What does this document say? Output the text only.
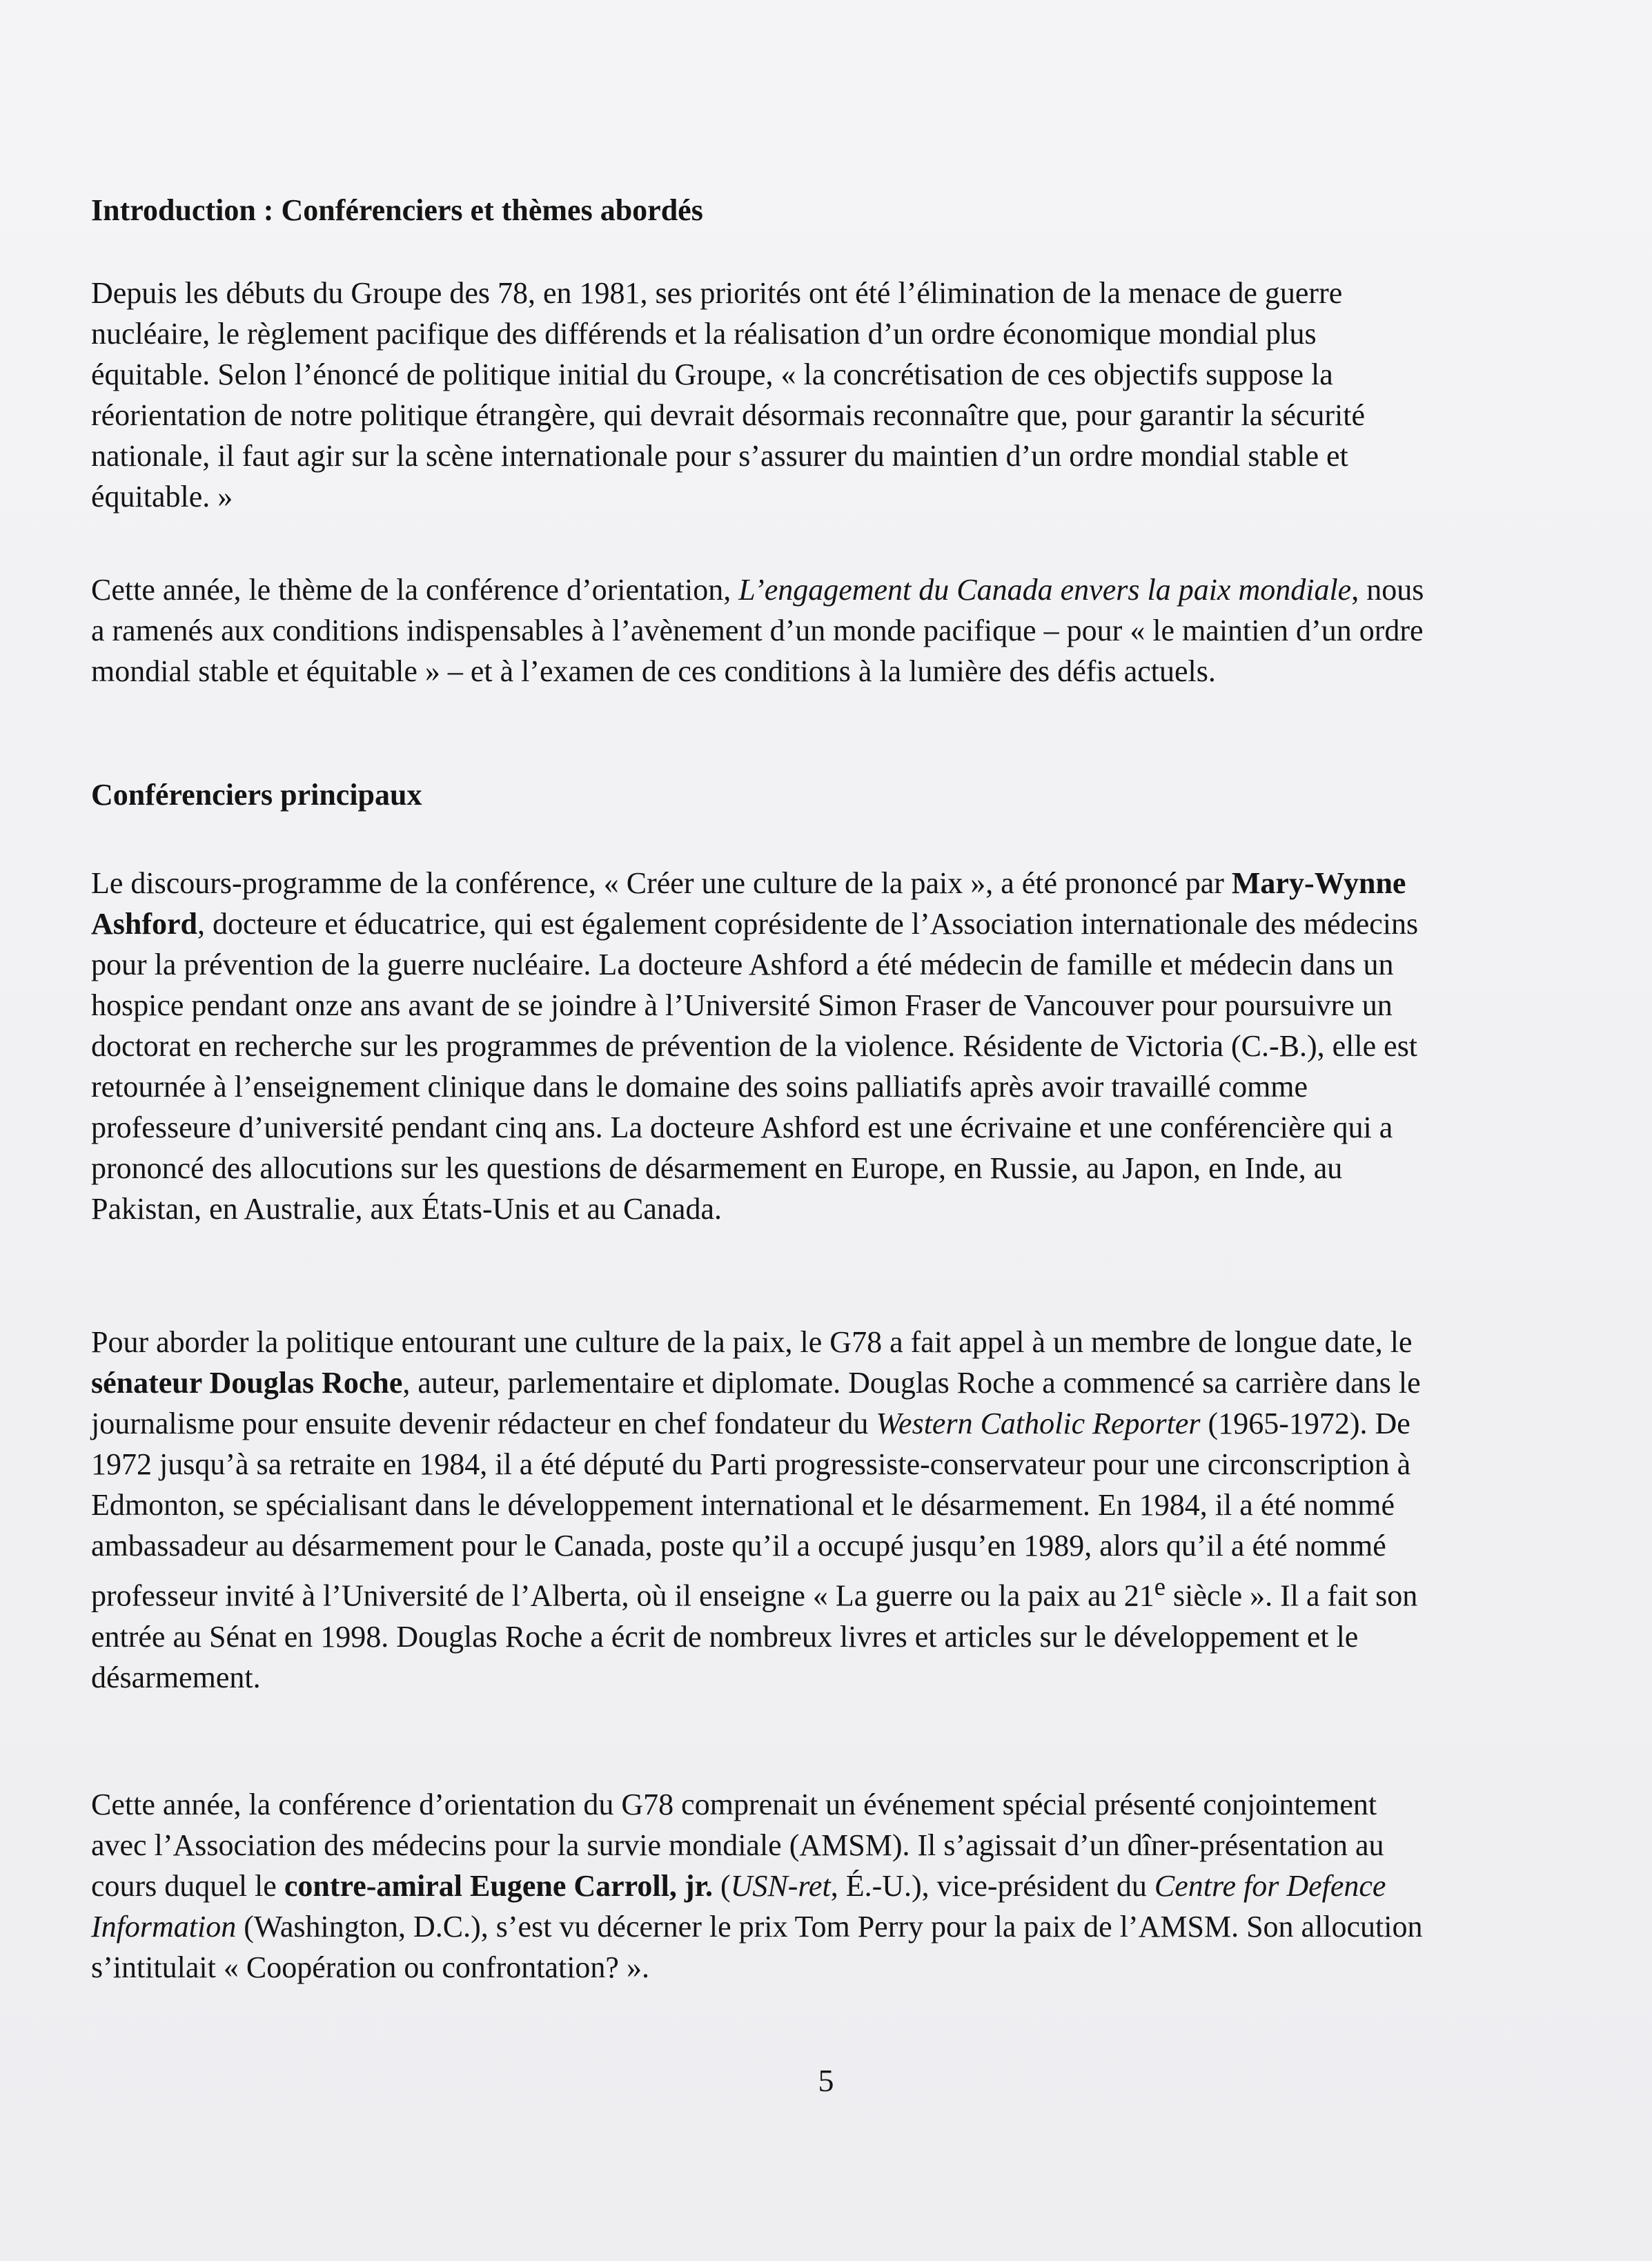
Introduction : Conférenciers et thèmes abordés

Depuis les débuts du Groupe des 78, en 1981, ses priorités ont été l’élimination de la menace de guerre nucléaire, le règlement pacifique des différends et la réalisation d’un ordre économique mondial plus équitable. Selon l’énoncé de politique initial du Groupe, « la concrétisation de ces objectifs suppose la réorientation de notre politique étrangère, qui devrait désormais reconnaître que, pour garantir la sécurité nationale, il faut agir sur la scène internationale pour s’assurer du maintien d’un ordre mondial stable et équitable. »

Cette année, le thème de la conférence d’orientation, L’engagement du Canada envers la paix mondiale, nous a ramenés aux conditions indispensables à l’avènement d’un monde pacifique – pour « le maintien d’un ordre mondial stable et équitable » – et à l’examen de ces conditions à la lumière des défis actuels.

Conférenciers principaux

Le discours-programme de la conférence, « Créer une culture de la paix », a été prononcé par Mary-Wynne Ashford, docteure et éducatrice, qui est également coprésidente de l’Association internationale des médecins pour la prévention de la guerre nucléaire. La docteure Ashford a été médecin de famille et médecin dans un hospice pendant onze ans avant de se joindre à l’Université Simon Fraser de Vancouver pour poursuivre un doctorat en recherche sur les programmes de prévention de la violence. Résidente de Victoria (C.-B.), elle est retournée à l’enseignement clinique dans le domaine des soins palliatifs après avoir travaillé comme professeure d’université pendant cinq ans. La docteure Ashford est une écrivaine et une conférencière qui a prononcé des allocutions sur les questions de désarmement en Europe, en Russie, au Japon, en Inde, au Pakistan, en Australie, aux États-Unis et au Canada.

Pour aborder la politique entourant une culture de la paix, le G78 a fait appel à un membre de longue date, le sénateur Douglas Roche, auteur, parlementaire et diplomate. Douglas Roche a commencé sa carrière dans le journalisme pour ensuite devenir rédacteur en chef fondateur du Western Catholic Reporter (1965-1972). De 1972 jusqu’à sa retraite en 1984, il a été député du Parti progressiste-conservateur pour une circonscription à Edmonton, se spécialisant dans le développement international et le désarmement. En 1984, il a été nommé ambassadeur au désarmement pour le Canada, poste qu’il a occupé jusqu’en 1989, alors qu’il a été nommé professeur invité à l’Université de l’Alberta, où il enseigne « La guerre ou la paix au 21e siècle ». Il a fait son entrée au Sénat en 1998. Douglas Roche a écrit de nombreux livres et articles sur le développement et le désarmement.

Cette année, la conférence d’orientation du G78 comprenait un événement spécial présenté conjointement avec l’Association des médecins pour la survie mondiale (AMSM). Il s’agissait d’un dîner-présentation au cours duquel le contre-amiral Eugene Carroll, jr. (USN-ret, É.-U.), vice-président du Centre for Defence Information (Washington, D.C.), s’est vu décerner le prix Tom Perry pour la paix de l’AMSM. Son allocution s’intitulait « Coopération ou confrontation? ».

5
